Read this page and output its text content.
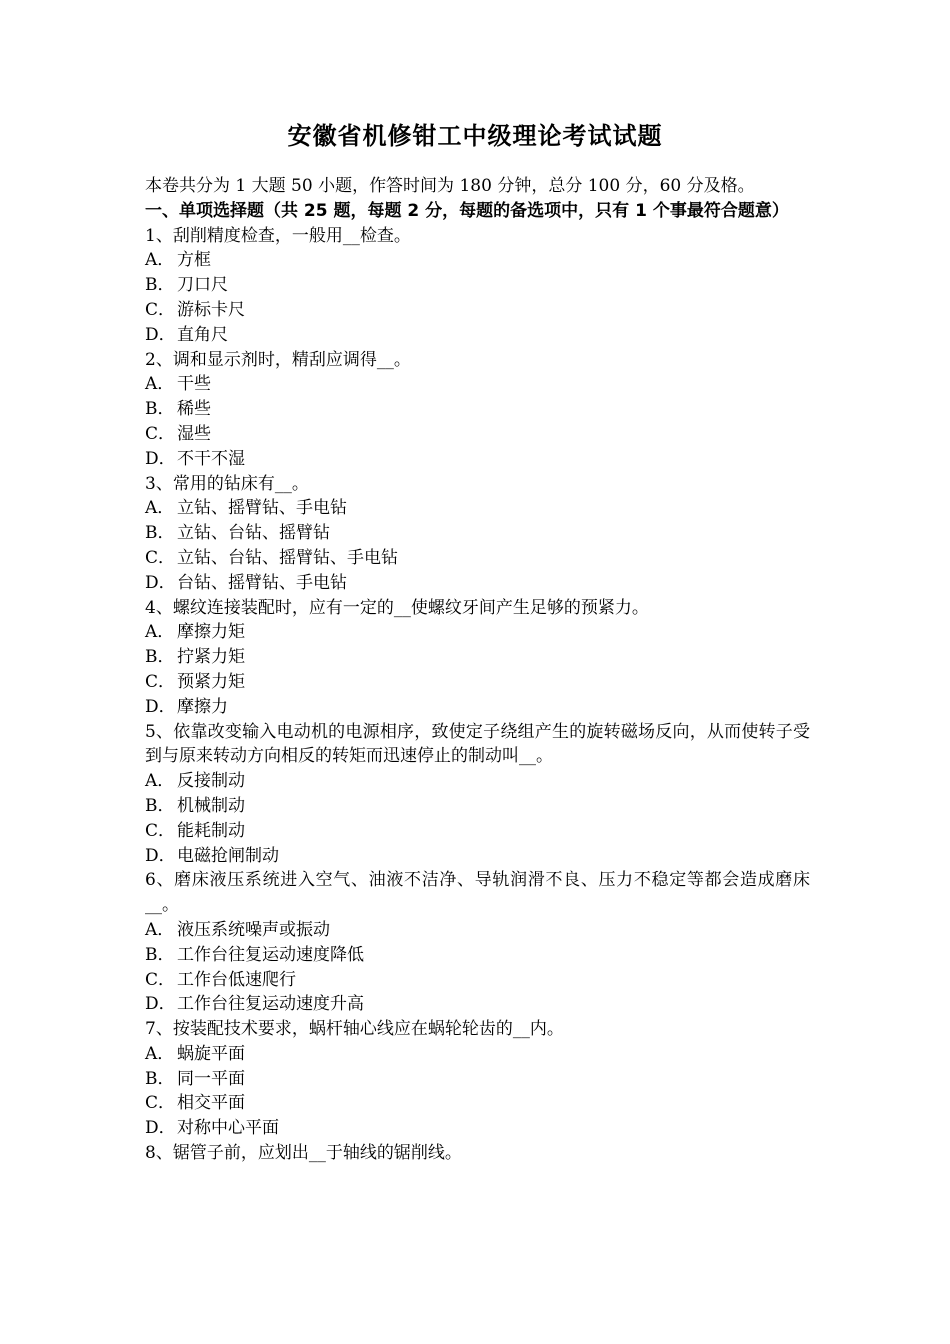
安徽省机修钳工中级理论考试试题
本卷共分为 1 大题 50 小题，作答时间为 180 分钟，总分 100 分，60 分及格。
一、单项选择题（共 25 题，每题 2 分，每题的备选项中，只有 1 个事最符合题意）
1、刮削精度检查，一般用__检查。
A． 方框
B． 刀口尺
C． 游标卡尺
D．直角尺
2、调和显示剂时，精刮应调得__。
A． 干些
B． 稀些
C． 湿些
D．不干不湿
3、常用的钻床有__。
A． 立钻、摇臂钻、手电钻
B． 立钻、台钻、摇臂钻
C． 立钻、台钻、摇臂钻、手电钻
D．台钻、摇臂钻、手电钻
4、螺纹连接装配时，应有一定的__使螺纹牙间产生足够的预紧力。
A． 摩擦力矩
B． 拧紧力矩
C． 预紧力矩
D．摩擦力
5、依靠改变输入电动机的电源相序，致使定子绕组产生的旋转磁场反向，从而使转子受到与原来转动方向相反的转矩而迅速停止的制动叫__。
A． 反接制动
B． 机械制动
C． 能耗制动
D．电磁抢闸制动
6、磨床液压系统进入空气、油液不洁净、导轨润滑不良、压力不稳定等都会造成磨床__。
A． 液压系统噪声或振动
B． 工作台往复运动速度降低
C． 工作台低速爬行
D．工作台往复运动速度升高
7、按装配技术要求，蜗杆轴心线应在蜗轮轮齿的__内。
A． 蜗旋平面
B． 同一平面
C． 相交平面
D．对称中心平面
8、锯管子前，应划出__于轴线的锯削线。
